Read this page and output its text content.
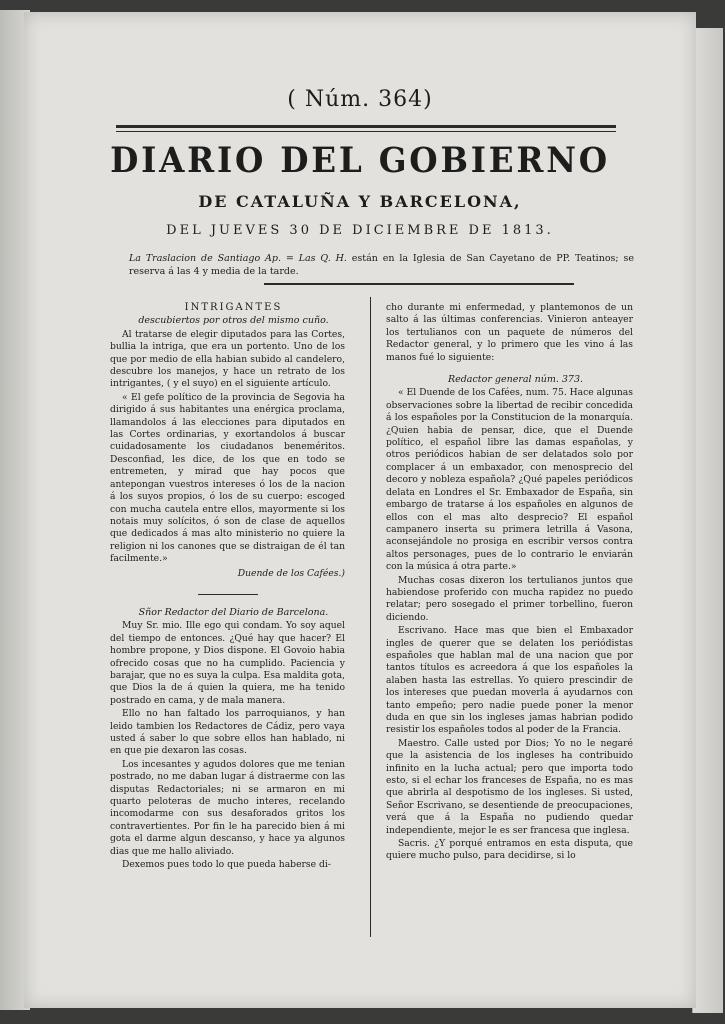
( Núm. 364)
DIARIO DEL GOBIERNO
DE CATALUÑA Y BARCELONA,
DEL JUEVES 30 DE DICIEMBRE DE 1813.
La Traslacion de Santiago Ap. = Las Q. H. están en la Iglesia de San Cayetano de PP. Teatinos; se reserva á las 4 y media de la tarde.

INTRIGANTES

descubiertos por otros del mismo cuño.

Al tratarse de elegir diputados para las Cortes, bullia la intriga, que era un portento. Uno de los que por medio de ella habian subido al candelero, descubre los manejos, y hace un retrato de los intrigantes, ( y el suyo) en el siguiente artículo.

« El gefe político de la provincia de Segovia ha dirigido á sus habitantes una enérgica proclama, llamandolos á las elecciones para diputados en las Cortes ordinarias, y exortandolos á buscar cuidadosamente los ciudadanos beneméritos. Desconfiad, les dice, de los que en todo se entremeten, y mirad que hay pocos que antepongan vuestros intereses ó los de la nacion á los suyos propios, ó los de su cuerpo: escoged con mucha cautela entre ellos, mayormente si los notais muy solícitos, ó son de clase de aquellos que dedicados á mas alto ministerio no quiere la religion ni los canones que se distraigan de él tan facilmente.»

Duende de los Cafées.)

Sñor Redactor del Diario de Barcelona.

Muy Sr. mio. Ille ego qui condam. Yo soy aquel del tiempo de entonces. ¿Qué hay que hacer? El hombre propone, y Dios dispone. El Govoio habia ofrecido cosas que no ha cumplido. Paciencia y barajar, que no es suya la culpa. Esa maldita gota, que Dios la de á quien la quiera, me ha tenido postrado en cama, y de mala manera.

Ello no han faltado los parroquianos, y han leido tambien los Redactores de Cádiz, pero vaya usted á saber lo que sobre ellos han hablado, ni en que pie dexaron las cosas.

Los incesantes y agudos dolores que me tenian postrado, no me daban lugar á distraerme con las disputas Redactoriales; ni se armaron en mi quarto peloteras de mucho interes, recelando incomodarme con sus desaforados gritos los contravertientes. Por fin le ha parecido bien á mi gota el darme algun descanso, y hace ya algunos dias que me hallo aliviado.

Dexemos pues todo lo que pueda haberse di-

cho durante mi enfermedad, y plantemonos de un salto á las últimas conferencias. Vinieron anteayer los tertulianos con un paquete de números del Redactor general, y lo primero que les vino á las manos fué lo siguiente:

Redactor general núm. 373.

« El Duende de los Cafées, num. 75. Hace algunas observaciones sobre la libertad de recibir concedida á los españoles por la Constitucion de la monarquía. ¿Quien habia de pensar, dice, que el Duende político, el español libre las damas españolas, y otros periódicos habian de ser delatados solo por complacer á un embaxador, con menosprecio del decoro y nobleza española? ¿Qué papeles periódicos delata en Londres el Sr. Embaxador de España, sin embargo de tratarse á los españoles en algunos de ellos con el mas alto desprecio? El español campanero inserta su primera letrilla á Vasona, aconsejándole no prosiga en escribir versos contra altos personages, pues de lo contrario le enviarán con la música á otra parte.»

Muchas cosas dixeron los tertulianos juntos que habiendose proferido con mucha rapidez no puedo relatar; pero sosegado el primer torbellino, fueron diciendo.

Escrivano. Hace mas que bien el Embaxador ingles de querer que se delaten los periódistas españoles que hablan mal de una nacion que por tantos títulos es acreedora á que los españoles la alaben hasta las estrellas. Yo quiero prescindir de los intereses que puedan moverla á ayudarnos con tanto empeño; pero nadie puede poner la menor duda en que sin los ingleses jamas habrian podido resistir los españoles todos al poder de la Francia.

Maestro. Calle usted por Dios; Yo no le negaré que la asistencia de los ingleses ha contribuido infinito en la lucha actual; pero que importa todo esto, si el echar los franceses de España, no es mas que abrirla al despotismo de los ingleses. Si usted, Señor Escrivano, se desentiende de preocupaciones, verá que á la España no pudiendo quedar independiente, mejor le es ser francesa que inglesa.

Sacris. ¿Y porqué entramos en esta disputa, que quiere mucho pulso, para decidirse, si lo
